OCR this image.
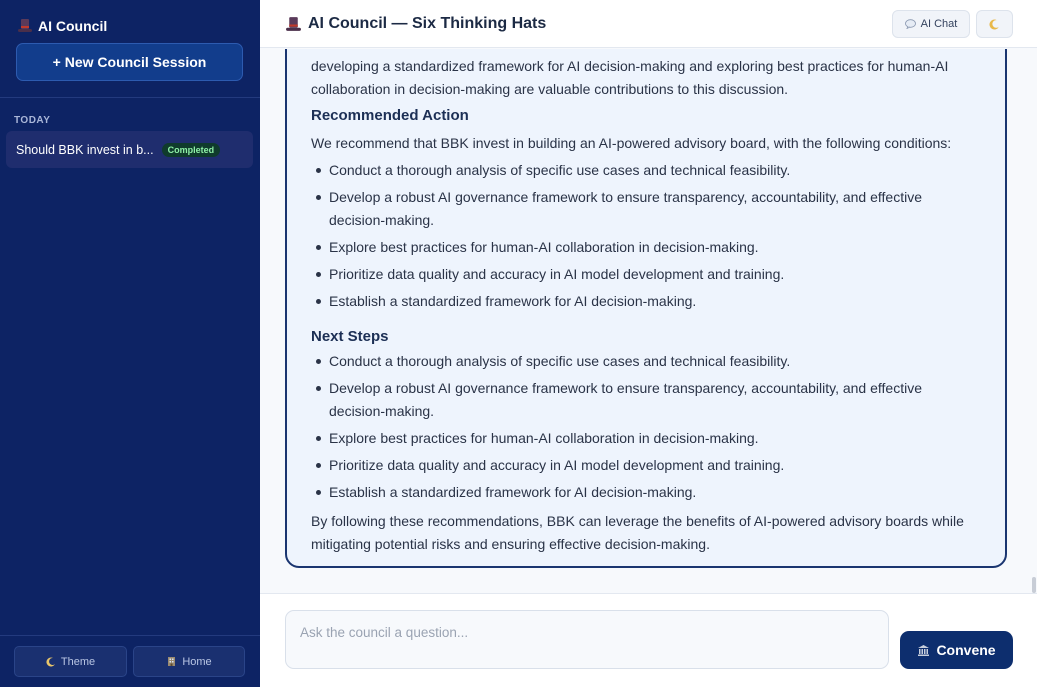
AI Council
+ New Council Session
TODAY
Should BBK invest in b...	Completed
Theme	Home
AI Council — Six Thinking Hats	AI Chat

developing a standardized framework for AI decision-making and exploring best practices for human-AI collaboration in decision-making are valuable contributions to this discussion.

Recommended Action

We recommend that BBK invest in building an AI-powered advisory board, with the following conditions:

Conduct a thorough analysis of specific use cases and technical feasibility.
Develop a robust AI governance framework to ensure transparency, accountability, and effective decision-making.
Explore best practices for human-AI collaboration in decision-making.
Prioritize data quality and accuracy in AI model development and training.
Establish a standardized framework for AI decision-making.
Next Steps
Conduct a thorough analysis of specific use cases and technical feasibility.
Develop a robust AI governance framework to ensure transparency, accountability, and effective decision-making.
Explore best practices for human-AI collaboration in decision-making.
Prioritize data quality and accuracy in AI model development and training.
Establish a standardized framework for AI decision-making.

By following these recommendations, BBK can leverage the benefits of AI-powered advisory boards while mitigating potential risks and ensuring effective decision-making.

Ask the council a question...
Convene
